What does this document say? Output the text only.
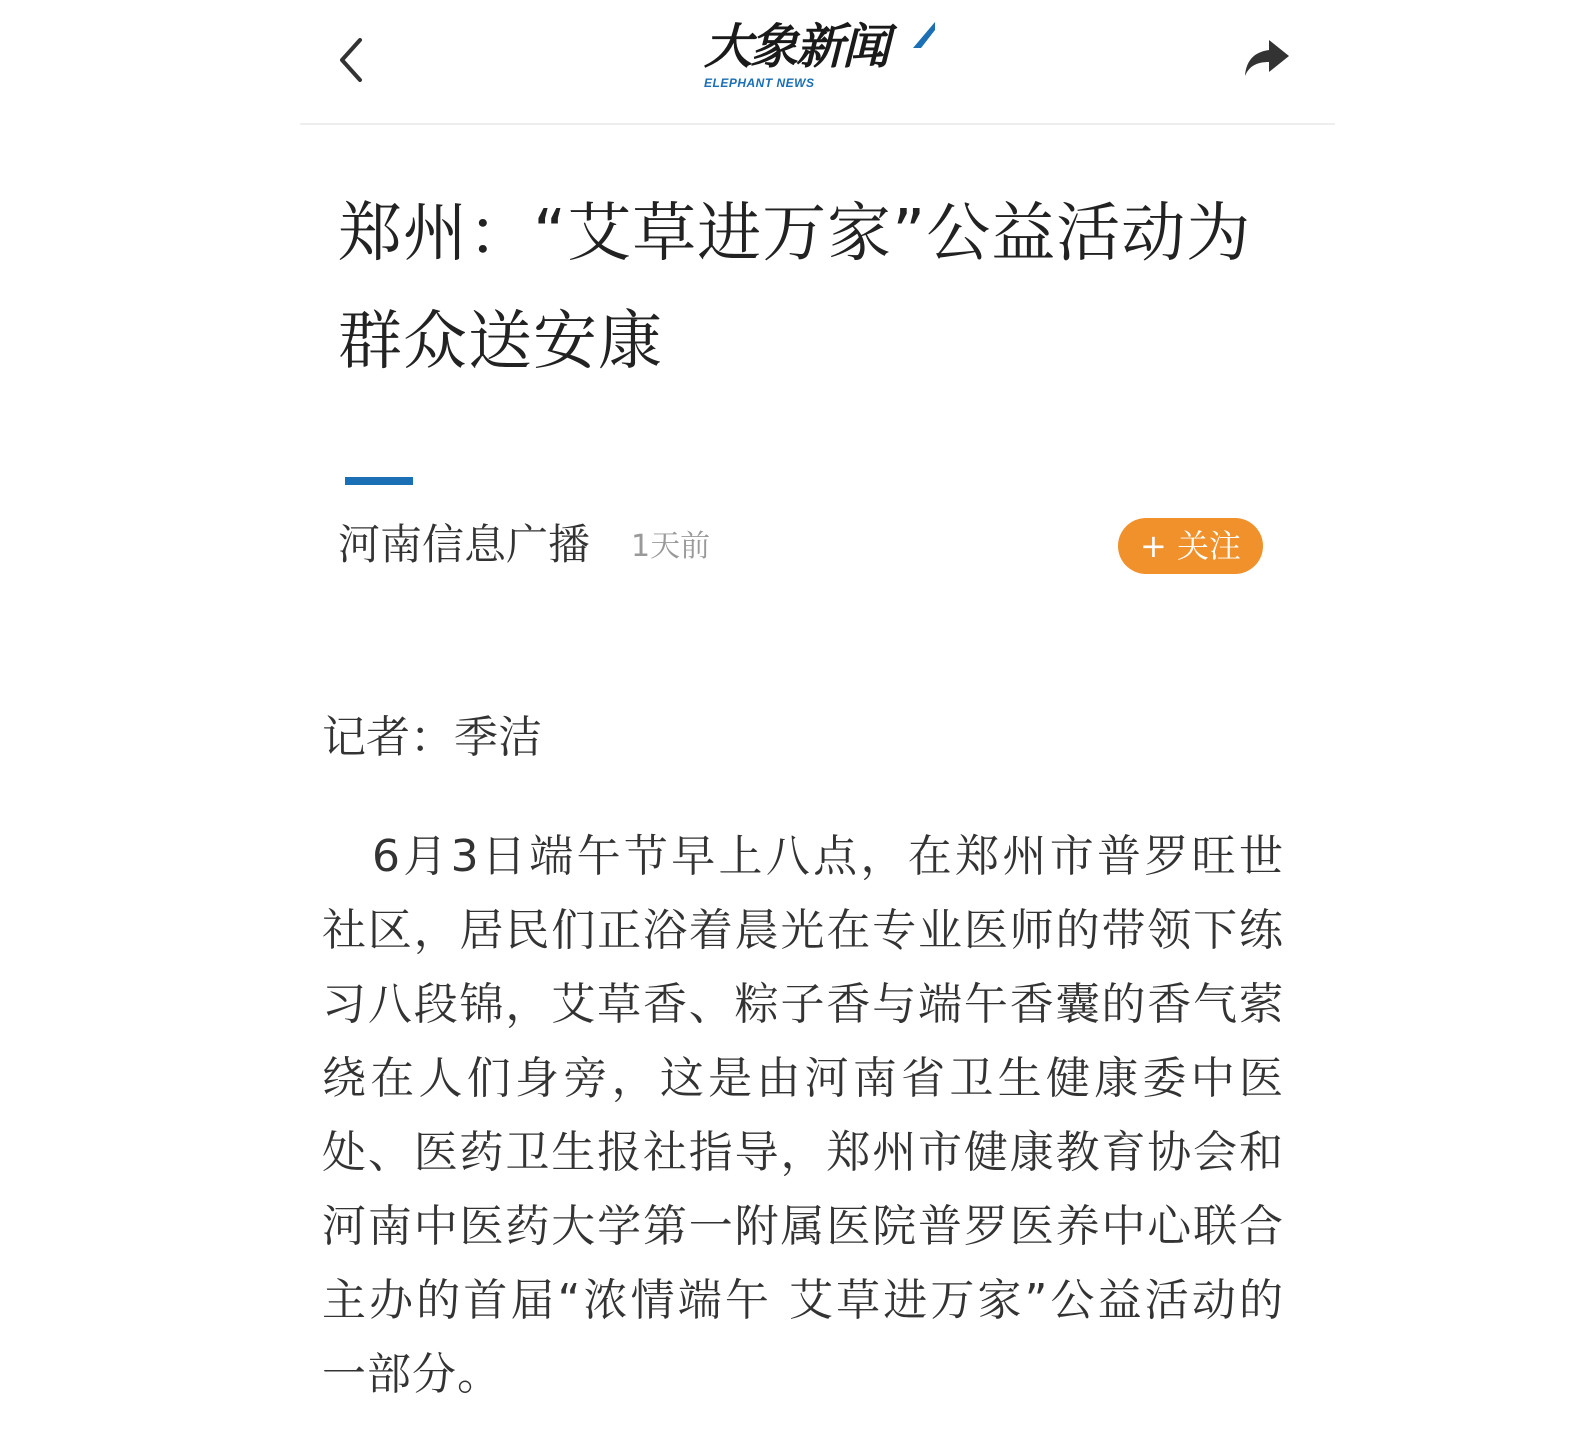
大象新闻
ELEPHANT NEWS
郑州：“艾草进万家”公益活动为群众送安康
河南信息广播 1天前	+ 关注
记者：季洁

6月3日端午节早上八点，在郑州市普罗旺世社区，居民们正浴着晨光在专业医师的带领下练习八段锦，艾草香、粽子香与端午香囊的香气萦绕在人们身旁，这是由河南省卫生健康委中医处、医药卫生报社指导，郑州市健康教育协会和河南中医药大学第一附属医院普罗医养中心联合主办的首届“浓情端午 艾草进万家”公益活动的一部分。
